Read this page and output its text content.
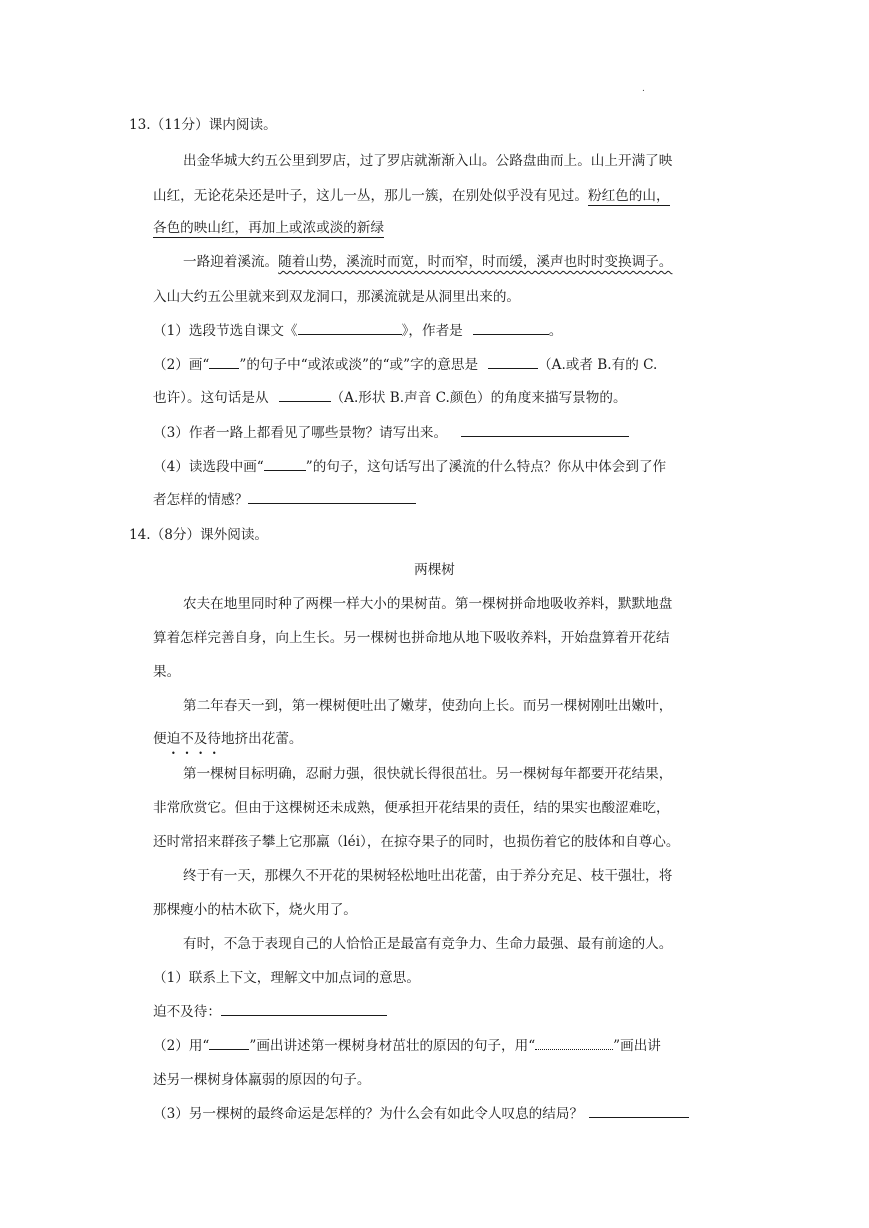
.
13.（11分）课内阅读。
出金华城大约五公里到罗店，过了罗店就渐渐入山。公路盘曲而上。山上开满了映
山红，无论花朵还是叶子，这儿一丛，那儿一簇，在别处似乎没有见过。粉红色的山，
各色的映山红，再加上或浓或淡的新绿
一路迎着溪流。随着山势，溪流时而宽，时而窄，时而缓，溪声也时时变换调子。
入山大约五公里就来到双龙洞口，那溪流就是从洞里出来的。
（1）选段节选自课文《	》，作者是	。
（2）画“ ”的句子中“或浓或淡”的“或”字的意思是	（A.或者 B.有的 C.
也许）。这句话是从	（A.形状 B.声音 C.颜色）的角度来描写景物的。
（3）作者一路上都看见了哪些景物？请写出来。
（4）读选段中画“	”的句子，这句话写出了溪流的什么特点？你从中体会到了作
者怎样的情感？
14.（8分）课外阅读。
两棵树
农夫在地里同时种了两棵一样大小的果树苗。第一棵树拼命地吸收养料，默默地盘
算着怎样完善自身，向上生长。另一棵树也拼命地从地下吸收养料，开始盘算着开花结
果。
第二年春天一到，第一棵树便吐出了嫩芽，使劲向上长。而另一棵树刚吐出嫩叶，
便迫不及待地挤出花蕾。
第一棵树目标明确，忍耐力强，很快就长得很茁壮。另一棵树每年都要开花结果，
非常欣赏它。但由于这棵树还未成熟，便承担开花结果的责任，结的果实也酸涩难吃，
还时常招来群孩子攀上它那羸（léi），在掠夺果子的同时，也损伤着它的肢体和自尊心。
终于有一天，那棵久不开花的果树轻松地吐出花蕾，由于养分充足、枝干强壮，将
那棵瘦小的枯木砍下，烧火用了。
有时，不急于表现自己的人恰恰正是最富有竞争力、生命力最强、最有前途的人。
（1）联系上下文，理解文中加点词的意思。
迫不及待：
（2）用“	”画出讲述第一棵树身材茁壮的原因的句子，用“	”画出讲
述另一棵树身体羸弱的原因的句子。
（3）另一棵树的最终命运是怎样的？为什么会有如此令人叹息的结局？
